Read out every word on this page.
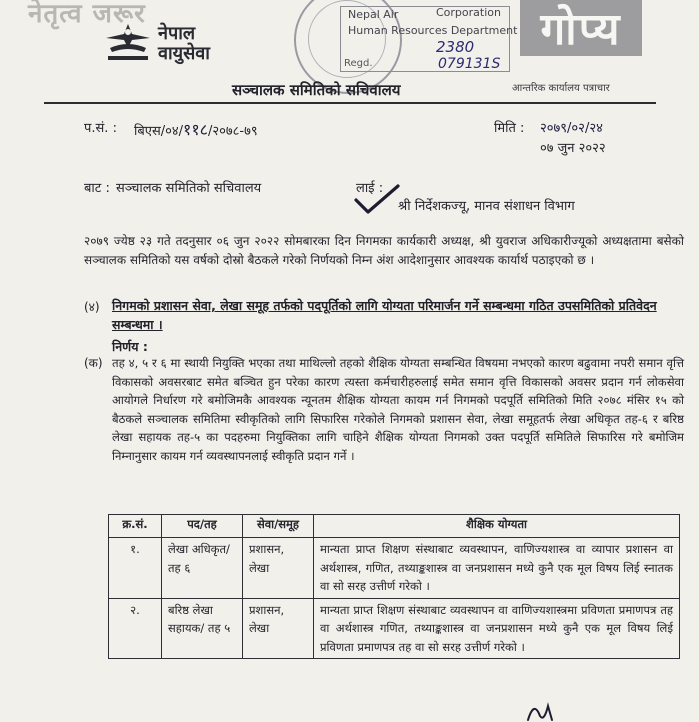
नेतृत्व जरूर
नेपाल
वायुसेवा
Nepal Air	Corporation
Human Resources Department
2380
079131S
Regd.
सञ्चालक समितिको सचिवालय
गोप्य
आन्तरिक कार्यालय पत्राचार
प.सं. : बिएस/०४/११८/२०७८-७९	मिति : २०७९/०२/२४
०७ जुन २०२२
बाट : सञ्चालक समितिको सचिवालय	लाई :
श्री निर्देशकज्यू, मानव संशाधन विभाग
२०७९ ज्येष्ठ २३ गते तदनुसार ०६ जुन २०२२ सोमबारका दिन निगमका कार्यकारी अध्यक्ष, श्री युवराज अधिकारीज्यूको अध्यक्षतामा बसेको सञ्चालक समितिको यस वर्षको दोस्रो बैठकले गरेको निर्णयको निम्न अंश आदेशानुसार आवश्यक कार्यार्थ पठाइएको छ ।
(४) निगमको प्रशासन सेवा, लेखा समूह तर्फको पदपूर्तिको लागि योग्यता परिमार्जन गर्ने सम्बन्धमा गठित उपसमितिको प्रतिवेदन सम्बन्धमा ।
निर्णय :
(क) तह ४, ५ र ६ मा स्थायी नियुक्ति भएका तथा माथिल्लो तहको शैक्षिक योग्यता सम्बन्धित विषयमा नभएको कारण बढुवामा नपरी समान वृत्ति विकासको अवसरबाट समेत बञ्चित हुन परेका कारण त्यस्ता कर्मचारीहरुलाई समेत समान वृत्ति विकासको अवसर प्रदान गर्न लोकसेवा आयोगले निर्धारण गरे बमोजिमकै आवश्यक न्यूनतम शैक्षिक योग्यता कायम गर्न निगमको पदपूर्ति समितिको मिति २०७८ मंसिर १५ को बैठकले सञ्चालक समितिमा स्वीकृतिको लागि सिफारिस गरेकोले निगमको प्रशासन सेवा, लेखा समूहतर्फ लेखा अधिकृत तह-६ र बरिष्ठ लेखा सहायक तह-५ का पदहरुमा नियुक्तिका लागि चाहिने शैक्षिक योग्यता निगमको उक्त पदपूर्ति समितिले सिफारिस गरे बमोजिम निम्नानुसार कायम गर्न व्यवस्थापनलाई स्वीकृति प्रदान गर्ने ।
क्र.सं.	पद/तह	सेवा/समूह	शैक्षिक योग्यता
१.	लेखा अधिकृत/ तह ६	प्रशासन, लेखा	मान्यता प्राप्त शिक्षण संस्थाबाट व्यवस्थापन, वाणिज्यशास्त्र वा व्यापार प्रशासन वा अर्थशास्त्र, गणित, तथ्याङ्कशास्त्र वा जनप्रशासन मध्ये कुनै एक मूल विषय लिई स्नातक वा सो सरह उत्तीर्ण गरेको ।
२.	बरिष्ठ लेखा सहायक/ तह ५	प्रशासन, लेखा	मान्यता प्राप्त शिक्षण संस्थाबाट व्यवस्थापन वा वाणिज्यशास्त्रमा प्रविणता प्रमाणपत्र तह वा अर्थशास्त्र गणित, तथ्याङ्कशास्त्र वा जनप्रशासन मध्ये कुनै एक मूल विषय लिई प्रविणता प्रमाणपत्र तह वा सो सरह उत्तीर्ण गरेको ।
